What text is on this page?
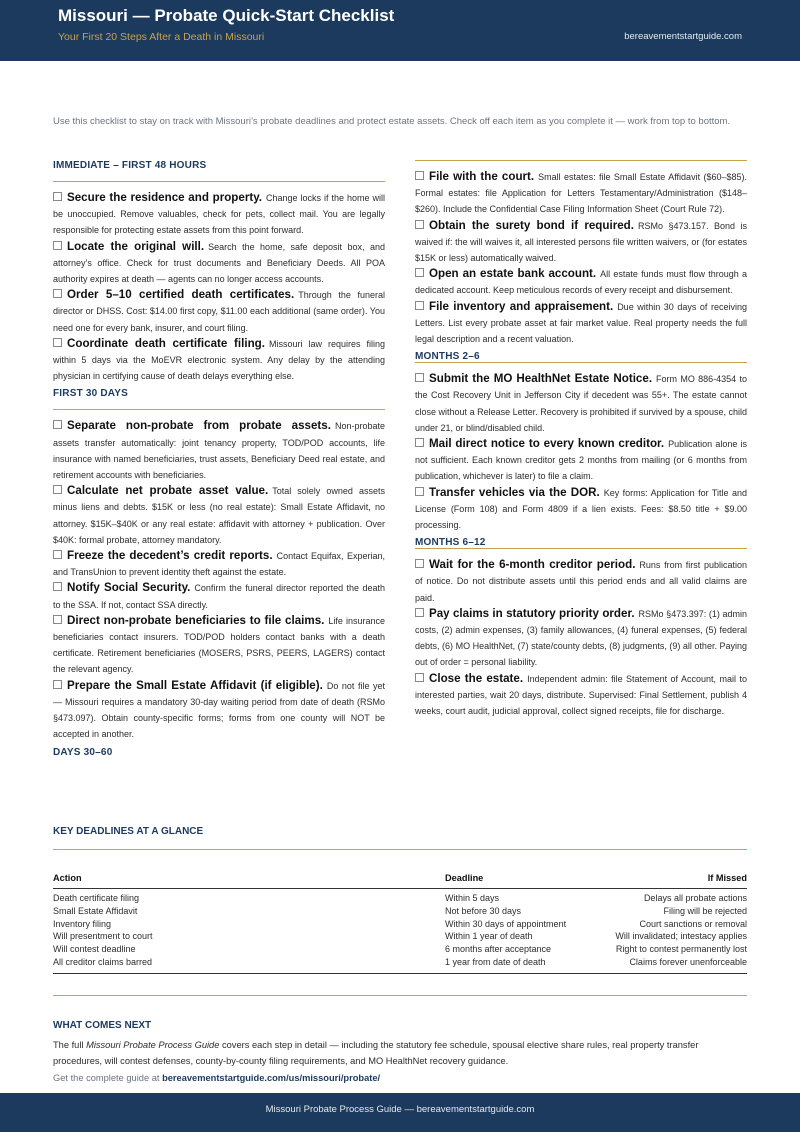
Missouri — Probate Quick-Start Checklist
Your First 20 Steps After a Death in Missouri	bereavementstartguide.com
Use this checklist to stay on track with Missouri’s probate deadlines and protect estate assets. Check off each item as you complete it — work from top to bottom.
IMMEDIATE – FIRST 48 HOURS
Secure the residence and property. Change locks if the home will be unoccupied. Remove valuables, check for pets, collect mail. You are legally responsible for protecting estate assets from this point forward.
Locate the original will. Search the home, safe deposit box, and attorney’s office. Check for trust documents and Beneficiary Deeds. All POA authority expires at death — agents can no longer access accounts.
Order 5–10 certified death certificates. Through the funeral director or DHSS. Cost: $14.00 first copy, $11.00 each additional (same order). You need one for every bank, insurer, and court filing.
Coordinate death certificate filing. Missouri law requires filing within 5 days via the MoEVR electronic system. Any delay by the attending physician in certifying cause of death delays everything else.
FIRST 30 DAYS
Separate non-probate from probate assets. Non-probate assets transfer automatically: joint tenancy property, TOD/POD accounts, life insurance with named beneficiaries, trust assets, Beneficiary Deed real estate, and retirement accounts with beneficiaries.
Calculate net probate asset value. Total solely owned assets minus liens and debts. $15K or less (no real estate): Small Estate Affidavit, no attorney. $15K–$40K or any real estate: affidavit with attorney + publication. Over $40K: formal probate, attorney mandatory.
Freeze the decedent’s credit reports. Contact Equifax, Experian, and TransUnion to prevent identity theft against the estate.
Notify Social Security. Confirm the funeral director reported the death to the SSA. If not, contact SSA directly.
Direct non-probate beneficiaries to file claims. Life insurance beneficiaries contact insurers. TOD/POD holders contact banks with a death certificate. Retirement beneficiaries (MOSERS, PSRS, PEERS, LAGERS) contact the relevant agency.
Prepare the Small Estate Affidavit (if eligible). Do not file yet — Missouri requires a mandatory 30-day waiting period from date of death (RSMo §473.097). Obtain county-specific forms; forms from one county will NOT be accepted in another.
DAYS 30–60
File with the court. Small estates: file Small Estate Affidavit ($60–$85). Formal estates: file Application for Letters Testamentary/Administration ($148–$260). Include the Confidential Case Filing Information Sheet (Court Rule 72).
Obtain the surety bond if required. RSMo §473.157. Bond is waived if: the will waives it, all interested persons file written waivers, or (for estates $15K or less) automatically waived.
Open an estate bank account. All estate funds must flow through a dedicated account. Keep meticulous records of every receipt and disbursement.
File inventory and appraisement. Due within 30 days of receiving Letters. List every probate asset at fair market value. Real property needs the full legal description and a recent valuation.
MONTHS 2–6
Submit the MO HealthNet Estate Notice. Form MO 886-4354 to the Cost Recovery Unit in Jefferson City if decedent was 55+. The estate cannot close without a Release Letter. Recovery is prohibited if survived by a spouse, child under 21, or blind/disabled child.
Mail direct notice to every known creditor. Publication alone is not sufficient. Each known creditor gets 2 months from mailing (or 6 months from publication, whichever is later) to file a claim.
Transfer vehicles via the DOR. Key forms: Application for Title and License (Form 108) and Form 4809 if a lien exists. Fees: $8.50 title + $9.00 processing.
MONTHS 6–12
Wait for the 6-month creditor period. Runs from first publication of notice. Do not distribute assets until this period ends and all valid claims are paid.
Pay claims in statutory priority order. RSMo §473.397: (1) admin costs, (2) admin expenses, (3) family allowances, (4) funeral expenses, (5) federal debts, (6) MO HealthNet, (7) state/county debts, (8) judgments, (9) all other. Paying out of order = personal liability.
Close the estate. Independent admin: file Statement of Account, mail to interested parties, wait 20 days, distribute. Supervised: Final Settlement, publish 4 weeks, court audit, judicial approval, collect signed receipts, file for discharge.
KEY DEADLINES AT A GLANCE
Action	Deadline	If Missed
Death certificate filing	Within 5 days	Delays all probate actions
Small Estate Affidavit	Not before 30 days	Filing will be rejected
Inventory filing	Within 30 days of appointment	Court sanctions or removal
Will presentment to court	Within 1 year of death	Will invalidated; intestacy applies
Will contest deadline	6 months after acceptance	Right to contest permanently lost
All creditor claims barred	1 year from date of death	Claims forever unenforceable
WHAT COMES NEXT
The full Missouri Probate Process Guide covers each step in detail — including the statutory fee schedule, spousal elective share rules, real property transfer procedures, will contest defenses, county-by-county filing requirements, and MO HealthNet recovery guidance.
Get the complete guide at bereavementstartguide.com/us/missouri/probate/
Missouri Probate Process Guide — bereavementstartguide.com
